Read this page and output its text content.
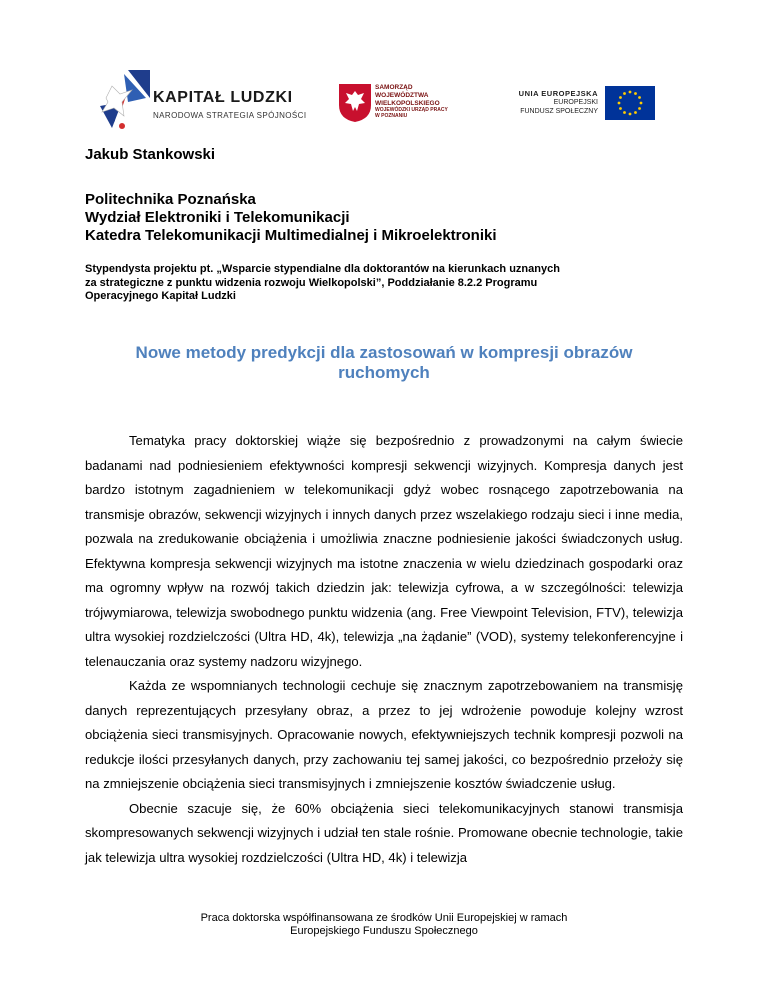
KAPITAŁ LUDZKI
NARODOWA STRATEGIA SPÓJNOŚCI
SAMORZĄD WOJEWÓDZTWA
WIELKOPOLSKIEGO
WOJEWÓDZKI URZĄD PRACY
W POZNANIU
UNIA EUROPEJSKA
EUROPEJSKI
FUNDUSZ SPOŁECZNY
Jakub Stankowski
Politechnika Poznańska
Wydział Elektroniki i Telekomunikacji
Katedra Telekomunikacji Multimedialnej i Mikroelektroniki
Stypendysta projektu pt. „Wsparcie stypendialne dla doktorantów na kierunkach uznanych
za strategiczne z punktu widzenia rozwoju Wielkopolski”, Poddziałanie 8.2.2 Programu
Operacyjnego Kapitał Ludzki
Nowe metody predykcji dla zastosowań w kompresji obrazów
ruchomych

Tematyka pracy doktorskiej wiąże się bezpośrednio z prowadzonymi na całym świecie badanami nad podniesieniem efektywności kompresji sekwencji wizyjnych. Kompresja danych jest bardzo istotnym zagadnieniem w telekomunikacji gdyż wobec rosnącego zapotrzebowania na transmisje obrazów, sekwencji wizyjnych i innych danych przez wszelakiego rodzaju sieci i inne media, pozwala na zredukowanie obciążenia i umożliwia znaczne podniesienie jakości świadczonych usług. Efektywna kompresja sekwencji wizyjnych ma istotne znaczenia w wielu dziedzinach gospodarki oraz ma ogromny wpływ na rozwój takich dziedzin jak: telewizja cyfrowa, a w szczególności: telewizja trójwymiarowa, telewizja swobodnego punktu widzenia (ang. Free Viewpoint Television, FTV), telewizja ultra wysokiej rozdzielczości (Ultra HD, 4k), telewizja „na żądanie” (VOD), systemy telekonferencyjne i telenauczania oraz systemy nadzoru wizyjnego.

Każda ze wspomnianych technologii cechuje się znacznym zapotrzebowaniem na transmisję danych reprezentujących przesyłany obraz, a przez to jej wdrożenie powoduje kolejny wzrost obciążenia sieci transmisyjnych. Opracowanie nowych, efektywniejszych technik kompresji pozwoli na redukcje ilości przesyłanych danych, przy zachowaniu tej samej jakości, co bezpośrednio przełoży się na zmniejszenie obciążenia sieci transmisyjnych i zmniejszenie kosztów świadczenie usług.

Obecnie szacuje się, że 60% obciążenia sieci telekomunikacyjnych stanowi transmisja skompresowanych sekwencji wizyjnych i udział ten stale rośnie. Promowane obecnie technologie, takie jak telewizja ultra wysokiej rozdzielczości (Ultra HD, 4k) i telewizja

Praca doktorska współfinansowana ze środków Unii Europejskiej w ramach
Europejskiego Funduszu Społecznego
